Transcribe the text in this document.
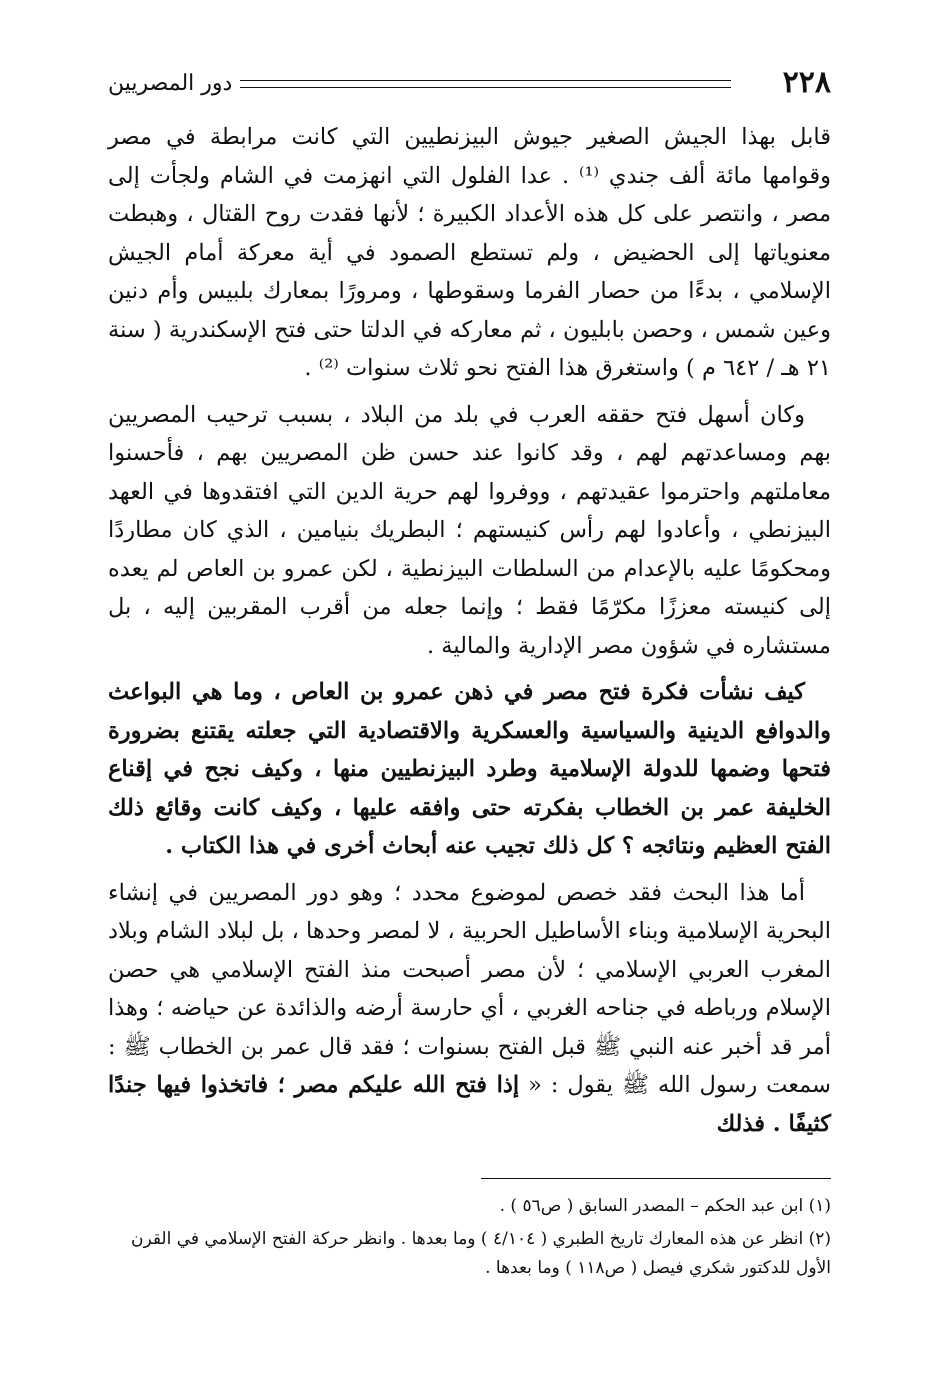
٢٢٨
دور المصريين

قابل بهذا الجيش الصغير جيوش البيزنطيين التي كانت مرابطة في مصر وقوامها مائة ألف جندي ⁽¹⁾ . عدا الفلول التي انهزمت في الشام ولجأت إلى مصر ، وانتصر على كل هذه الأعداد الكبيرة ؛ لأنها فقدت روح القتال ، وهبطت معنوياتها إلى الحضيض ، ولم تستطع الصمود في أية معركة أمام الجيش الإسلامي ، بدءًا من حصار الفرما وسقوطها ، ومرورًا بمعارك بلبيس وأم دنين وعين شمس ، وحصن بابليون ، ثم معاركه في الدلتا حتى فتح الإسكندرية ( سنة ٢١ هـ / ٦٤٢ م ) واستغرق هذا الفتح نحو ثلاث سنوات ⁽²⁾ .

وكان أسهل فتح حققه العرب في بلد من البلاد ، بسبب ترحيب المصريين بهم ومساعدتهم لهم ، وقد كانوا عند حسن ظن المصريين بهم ، فأحسنوا معاملتهم واحترموا عقيدتهم ، ووفروا لهم حرية الدين التي افتقدوها في العهد البيزنطي ، وأعادوا لهم رأس كنيستهم ؛ البطريك بنيامين ، الذي كان مطاردًا ومحكومًا عليه بالإعدام من السلطات البيزنطية ، لكن عمرو بن العاص لم يعده إلى كنيسته معززًا مكرّمًا فقط ؛ وإنما جعله من أقرب المقربين إليه ، بل مستشاره في شؤون مصر الإدارية والمالية .

كيف نشأت فكرة فتح مصر في ذهن عمرو بن العاص ، وما هي البواعث والدوافع الدينية والسياسية والعسكرية والاقتصادية التي جعلته يقتنع بضرورة فتحها وضمها للدولة الإسلامية وطرد البيزنطيين منها ، وكيف نجح في إقناع الخليفة عمر بن الخطاب بفكرته حتى وافقه عليها ، وكيف كانت وقائع ذلك الفتح العظيم ونتائجه ؟ كل ذلك تجيب عنه أبحاث أخرى في هذا الكتاب .

أما هذا البحث فقد خصص لموضوع محدد ؛ وهو دور المصريين في إنشاء البحرية الإسلامية وبناء الأساطيل الحربية ، لا لمصر وحدها ، بل لبلاد الشام وبلاد المغرب العربي الإسلامي ؛ لأن مصر أصبحت منذ الفتح الإسلامي هي حصن الإسلام ورباطه في جناحه الغربي ، أي حارسة أرضه والذائدة عن حياضه ؛ وهذا أمر قد أخبر عنه النبي ﷺ قبل الفتح بسنوات ؛ فقد قال عمر بن الخطاب ﷺ : سمعت رسول الله ﷺ يقول : « إذا فتح الله عليكم مصر ؛ فاتخذوا فيها جندًا كثيفًا . فذلك

(١) ابن عبد الحكم – المصدر السابق ( ص٥٦ ) .

(٢) انظر عن هذه المعارك تاريخ الطبري ( ٤/١٠٤ ) وما بعدها . وانظر حركة الفتح الإسلامي في القرن الأول للدكتور شكري فيصل ( ص١١٨ ) وما بعدها .
